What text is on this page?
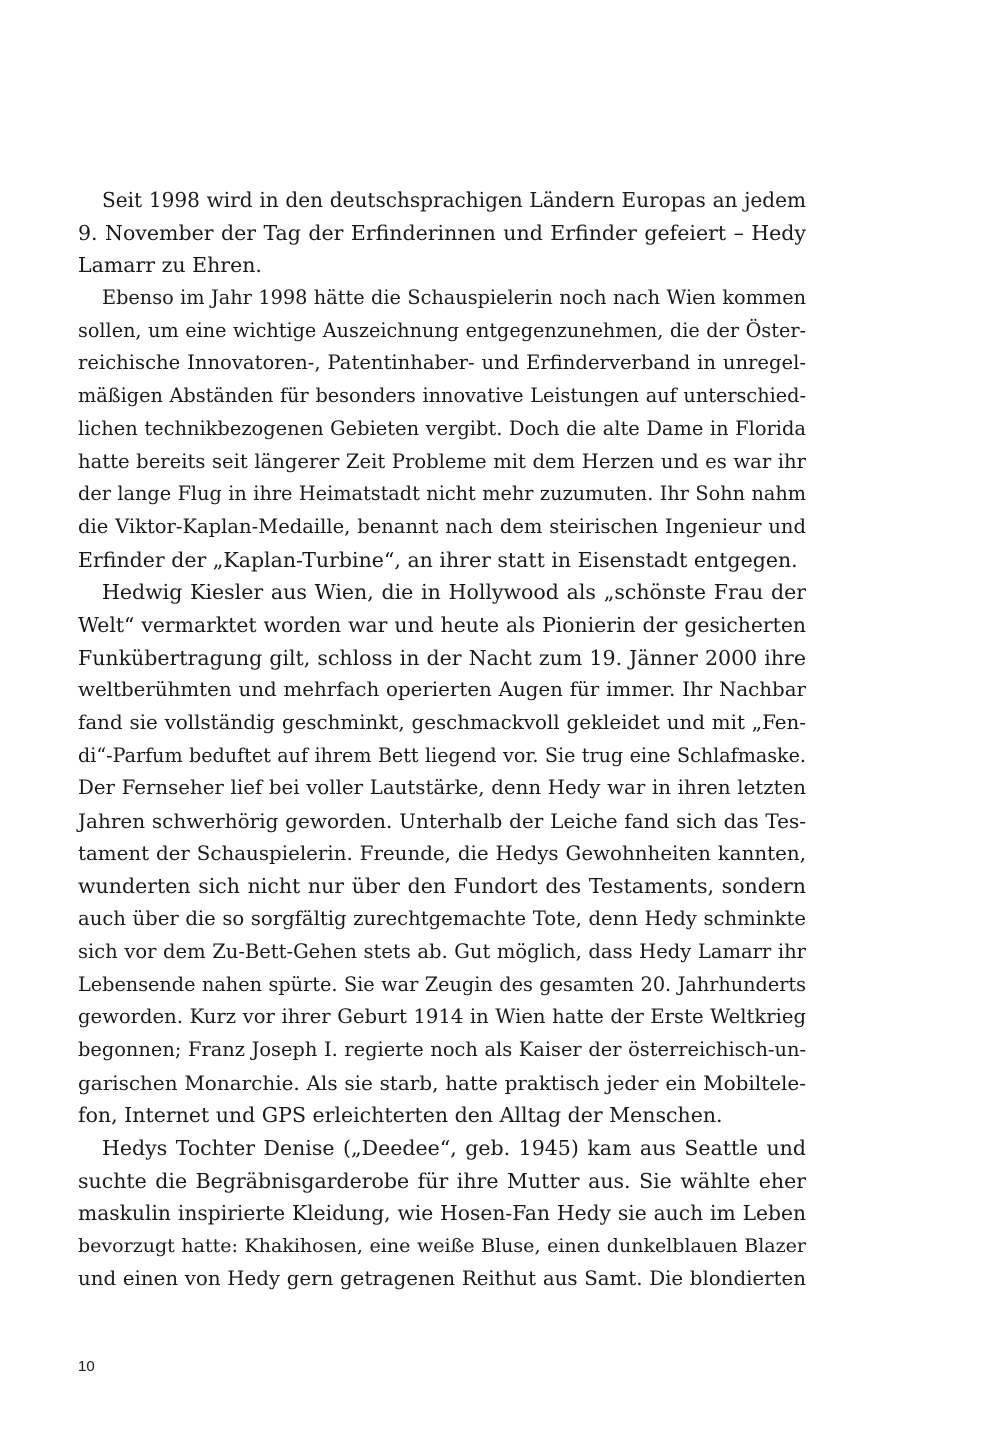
Seit 1998 wird in den deutschsprachigen Ländern Europas an jedem
9. November der Tag der Erfinderinnen und Erfinder gefeiert – Hedy
Lamarr zu Ehren.
Ebenso im Jahr 1998 hätte die Schauspielerin noch nach Wien kommen
sollen, um eine wichtige Auszeichnung entgegenzunehmen, die der Öster-
reichische Innovatoren-, Patentinhaber- und Erfinderverband in unregel-
mäßigen Abständen für besonders innovative Leistungen auf unterschied-
lichen technikbezogenen Gebieten vergibt. Doch die alte Dame in Florida
hatte bereits seit längerer Zeit Probleme mit dem Herzen und es war ihr
der lange Flug in ihre Heimatstadt nicht mehr zuzumuten. Ihr Sohn nahm
die Viktor-Kaplan-Medaille, benannt nach dem steirischen Ingenieur und
Erfinder der „Kaplan-Turbine“, an ihrer statt in Eisenstadt entgegen.
Hedwig Kiesler aus Wien, die in Hollywood als „schönste Frau der
Welt“ vermarktet worden war und heute als Pionierin der gesicherten
Funkübertragung gilt, schloss in der Nacht zum 19. Jänner 2000 ihre
weltberühmten und mehrfach operierten Augen für immer. Ihr Nachbar
fand sie vollständig geschminkt, geschmackvoll gekleidet und mit „Fen-
di“-Parfum beduftet auf ihrem Bett liegend vor. Sie trug eine Schlafmaske.
Der Fernseher lief bei voller Lautstärke, denn Hedy war in ihren letzten
Jahren schwerhörig geworden. Unterhalb der Leiche fand sich das Tes-
tament der Schauspielerin. Freunde, die Hedys Gewohnheiten kannten,
wunderten sich nicht nur über den Fundort des Testaments, sondern
auch über die so sorgfältig zurechtgemachte Tote, denn Hedy schminkte
sich vor dem Zu-Bett-Gehen stets ab. Gut möglich, dass Hedy Lamarr ihr
Lebensende nahen spürte. Sie war Zeugin des gesamten 20. Jahrhunderts
geworden. Kurz vor ihrer Geburt 1914 in Wien hatte der Erste Weltkrieg
begonnen; Franz Joseph I. regierte noch als Kaiser der österreichisch-un-
garischen Monarchie. Als sie starb, hatte praktisch jeder ein Mobiltele-
fon, Internet und GPS erleichterten den Alltag der Menschen.
Hedys Tochter Denise („Deedee“, geb. 1945) kam aus Seattle und
suchte die Begräbnisgarderobe für ihre Mutter aus. Sie wählte eher
maskulin inspirierte Kleidung, wie Hosen-Fan Hedy sie auch im Leben
bevorzugt hatte: Khakihosen, eine weiße Bluse, einen dunkelblauen Blazer
und einen von Hedy gern getragenen Reithut aus Samt. Die blondierten
10
